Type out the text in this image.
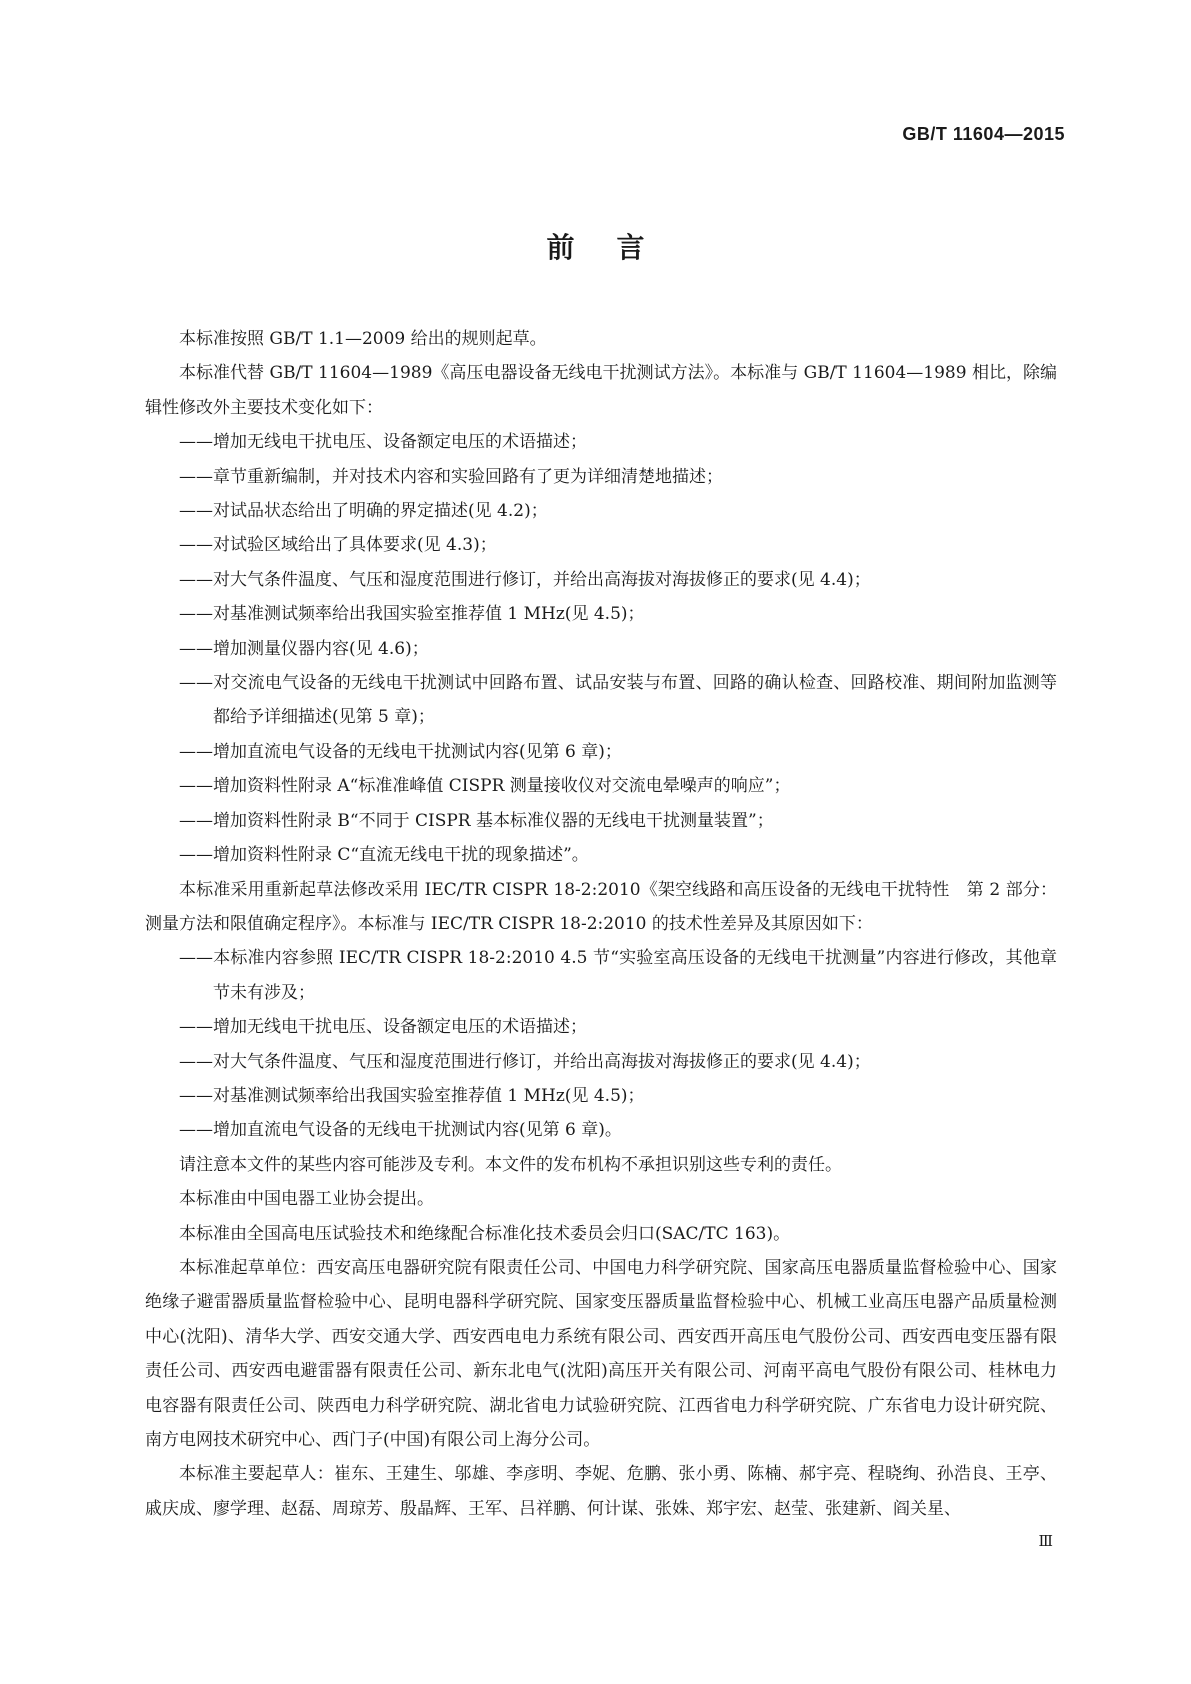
GB/T 11604—2015
前言

本标准按照 GB/T 1.1—2009 给出的规则起草。

本标准代替 GB/T 11604—1989《高压电器设备无线电干扰测试方法》。本标准与 GB/T 11604—1989 相比，除编辑性修改外主要技术变化如下：

——增加无线电干扰电压、设备额定电压的术语描述；

——章节重新编制，并对技术内容和实验回路有了更为详细清楚地描述；

——对试品状态给出了明确的界定描述(见 4.2)；

——对试验区域给出了具体要求(见 4.3)；

——对大气条件温度、气压和湿度范围进行修订，并给出高海拔对海拔修正的要求(见 4.4)；

——对基准测试频率给出我国实验室推荐值 1 MHz(见 4.5)；

——增加测量仪器内容(见 4.6)；

——对交流电气设备的无线电干扰测试中回路布置、试品安装与布置、回路的确认检查、回路校准、期间附加监测等都给予详细描述(见第 5 章)；

——增加直流电气设备的无线电干扰测试内容(见第 6 章)；

——增加资料性附录 A“标准准峰值 CISPR 测量接收仪对交流电晕噪声的响应”；

——增加资料性附录 B“不同于 CISPR 基本标准仪器的无线电干扰测量装置”；

——增加资料性附录 C“直流无线电干扰的现象描述”。

本标准采用重新起草法修改采用 IEC/TR CISPR 18-2:2010《架空线路和高压设备的无线电干扰特性　第 2 部分：测量方法和限值确定程序》。本标准与 IEC/TR CISPR 18-2:2010 的技术性差异及其原因如下：

——本标准内容参照 IEC/TR CISPR 18-2:2010 4.5 节“实验室高压设备的无线电干扰测量”内容进行修改，其他章节未有涉及；

——增加无线电干扰电压、设备额定电压的术语描述；

——对大气条件温度、气压和湿度范围进行修订，并给出高海拔对海拔修正的要求(见 4.4)；

——对基准测试频率给出我国实验室推荐值 1 MHz(见 4.5)；

——增加直流电气设备的无线电干扰测试内容(见第 6 章)。

请注意本文件的某些内容可能涉及专利。本文件的发布机构不承担识别这些专利的责任。

本标准由中国电器工业协会提出。

本标准由全国高电压试验技术和绝缘配合标准化技术委员会归口(SAC/TC 163)。

本标准起草单位：西安高压电器研究院有限责任公司、中国电力科学研究院、国家高压电器质量监督检验中心、国家绝缘子避雷器质量监督检验中心、昆明电器科学研究院、国家变压器质量监督检验中心、机械工业高压电器产品质量检测中心(沈阳)、清华大学、西安交通大学、西安西电电力系统有限公司、西安西开高压电气股份公司、西安西电变压器有限责任公司、西安西电避雷器有限责任公司、新东北电气(沈阳)高压开关有限公司、河南平高电气股份有限公司、桂林电力电容器有限责任公司、陕西电力科学研究院、湖北省电力试验研究院、江西省电力科学研究院、广东省电力设计研究院、南方电网技术研究中心、西门子(中国)有限公司上海分公司。

本标准主要起草人：崔东、王建生、邬雄、李彦明、李妮、危鹏、张小勇、陈楠、郝宇亮、程晓绚、孙浩良、王亭、戚庆成、廖学理、赵磊、周琼芳、殷晶辉、王军、吕祥鹏、何计谋、张姝、郑宇宏、赵莹、张建新、阎关星、

Ⅲ
